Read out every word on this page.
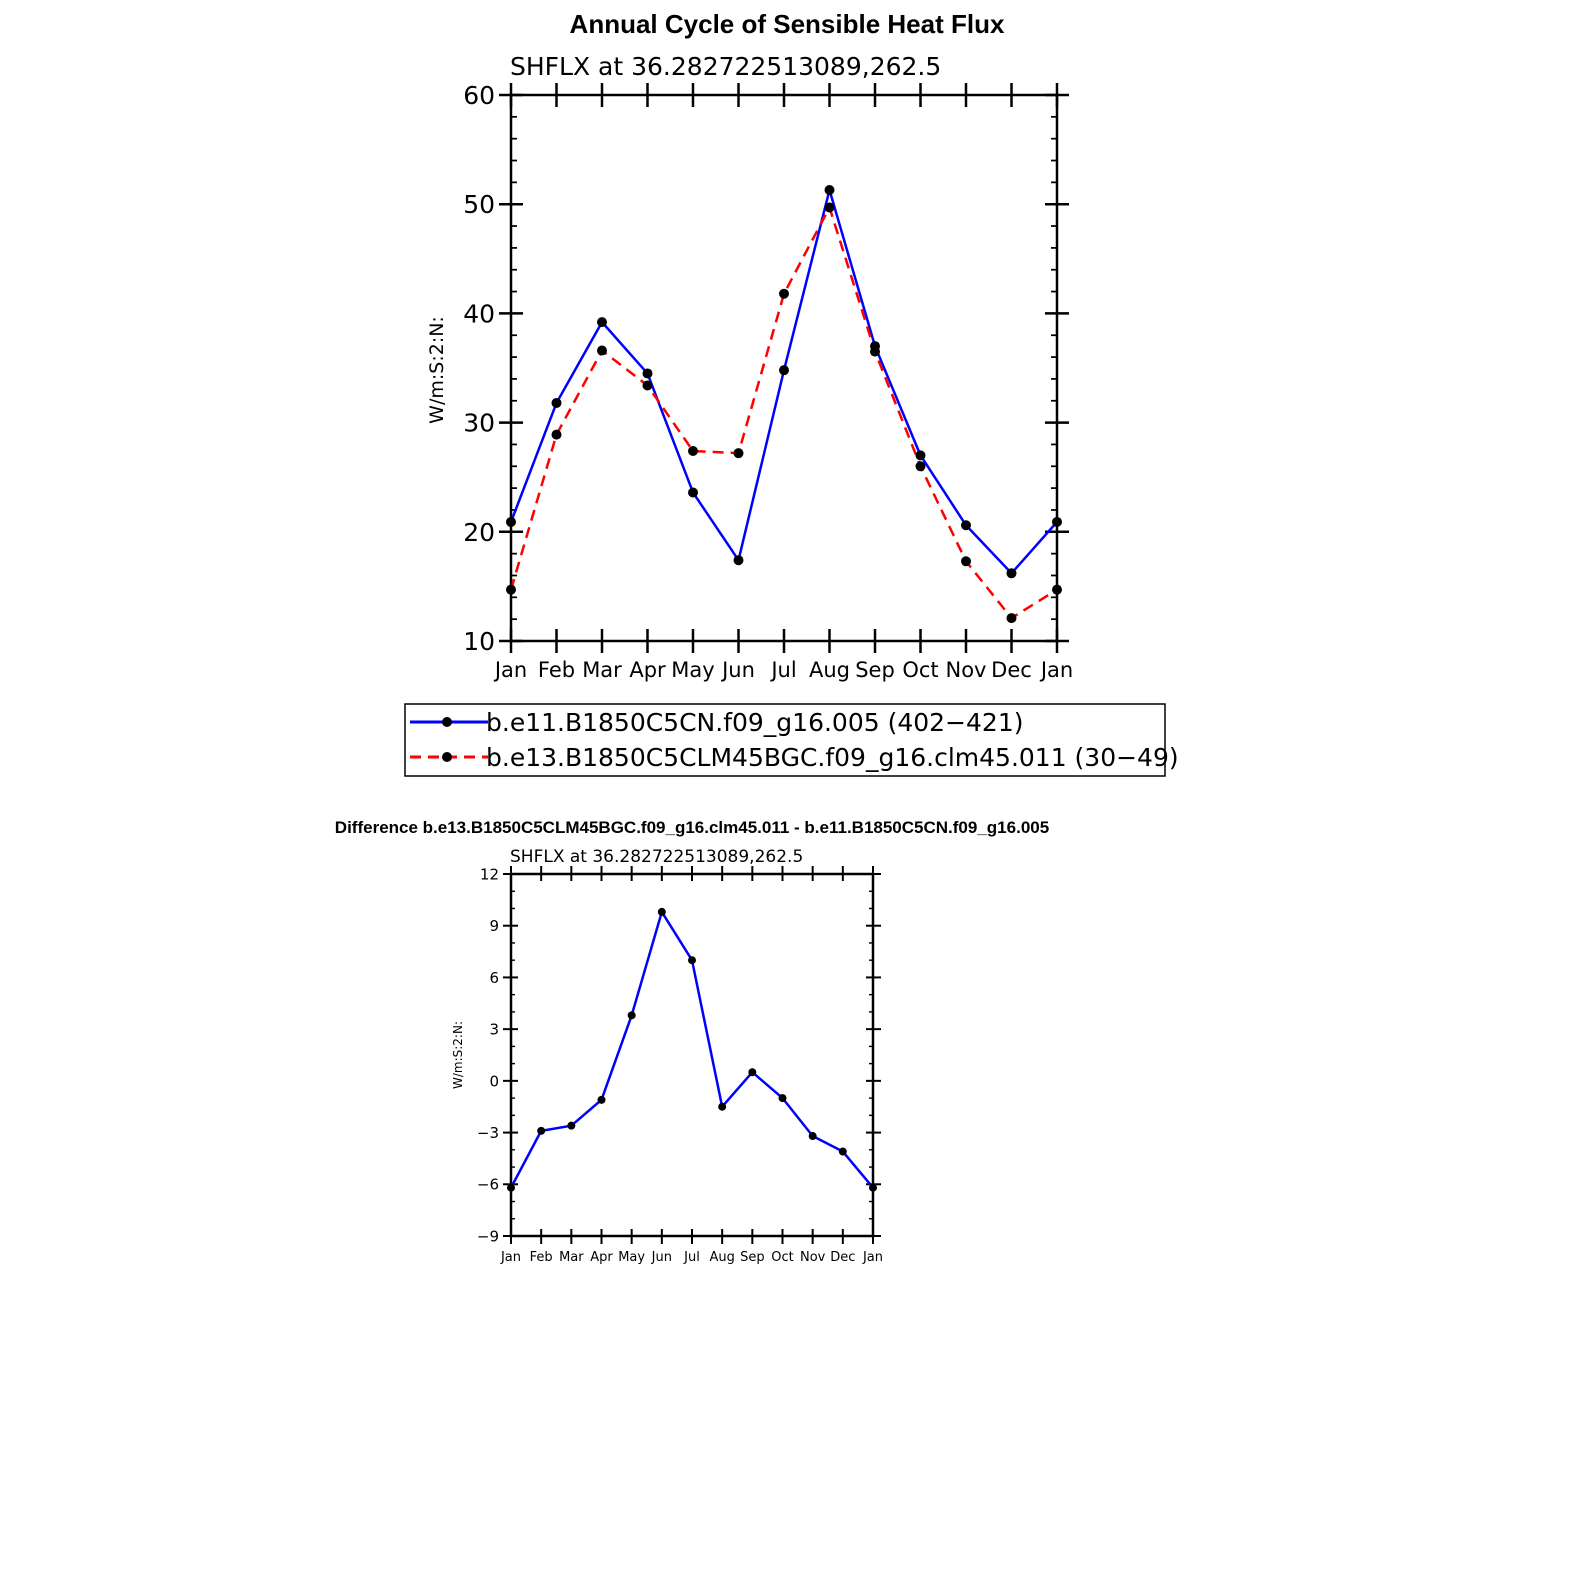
Annual Cycle of Sensible Heat Flux
SHFLX at 36.282722513089,262.5
W/m:S:2:N:
10
20
30
40
50
60
Jan Feb Mar Apr May Jun Jul Aug Sep Oct Nov Dec Jan
b.e11.B1850C5CN.f09_g16.005 (402−421)
b.e13.B1850C5CLM45BGC.f09_g16.clm45.011 (30−49)
Difference b.e13.B1850C5CLM45BGC.f09_g16.clm45.011 - b.e11.B1850C5CN.f09_g16.005
SHFLX at 36.282722513089,262.5
W/m:S:2:N:
−9
−6
−3
0
3
6
9
12
Jan Feb Mar Apr May Jun Jul Aug Sep Oct Nov Dec Jan
